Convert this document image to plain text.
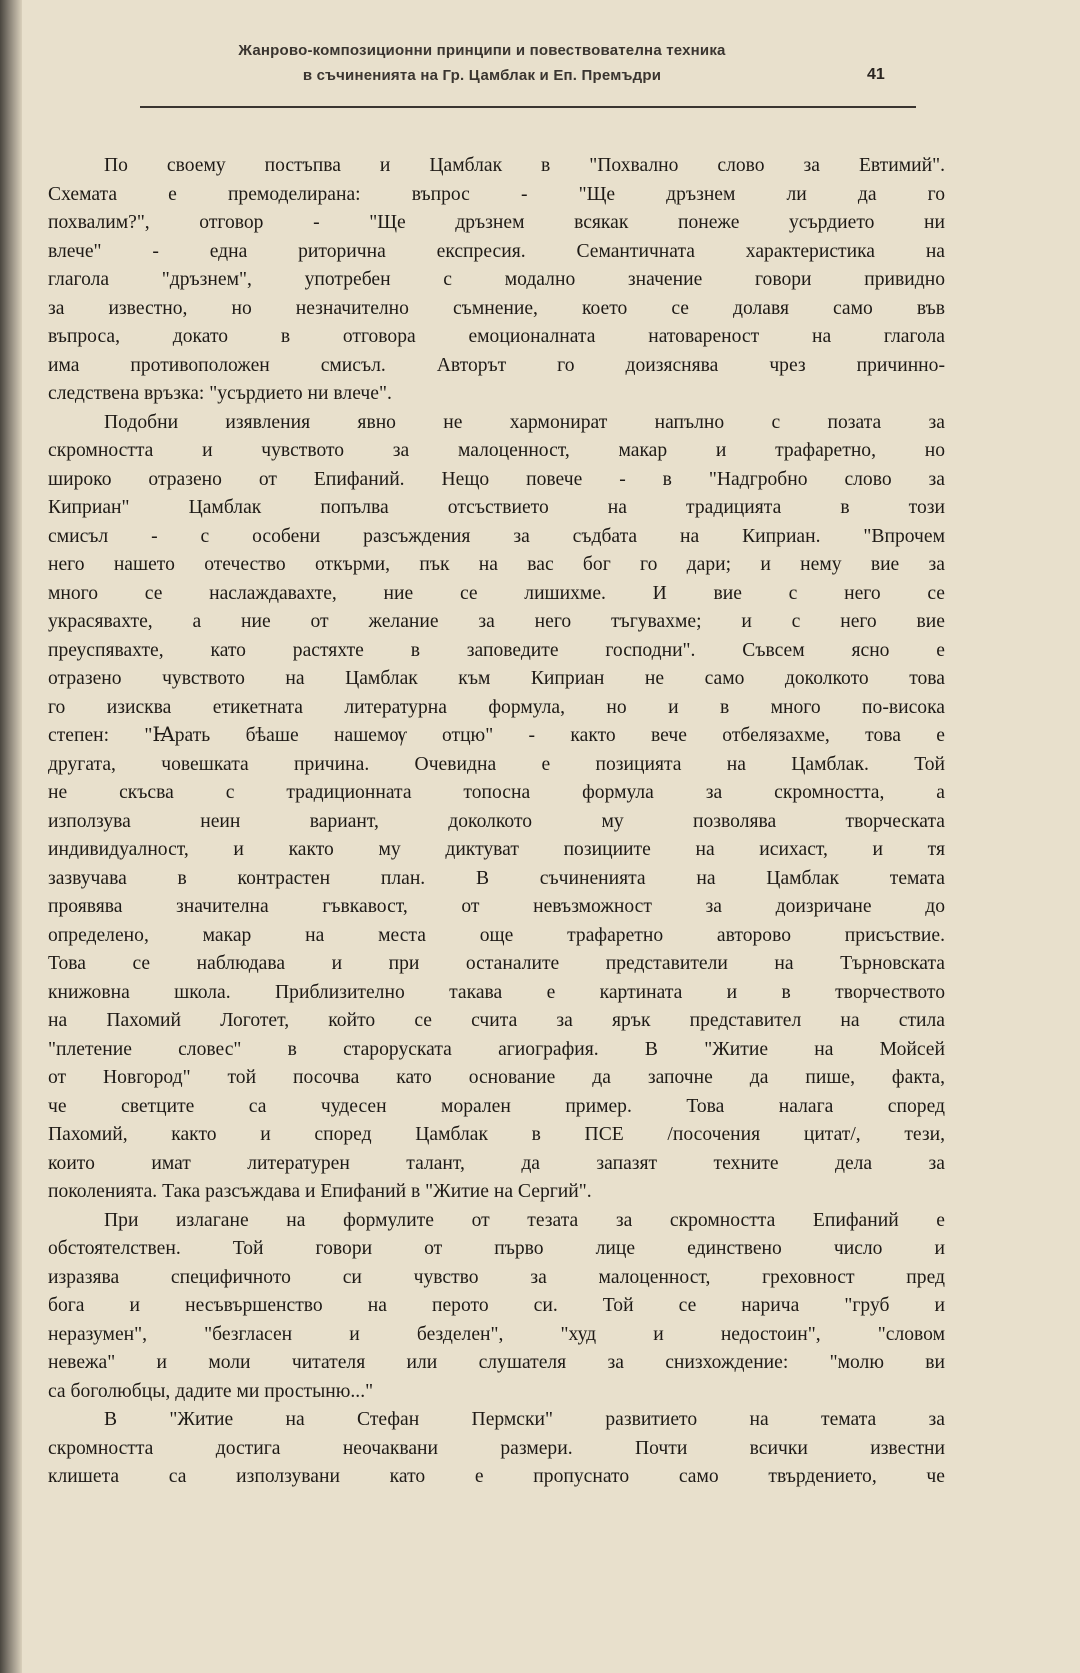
Жанрово-композиционни принципи и повествователна техника
в съчиненията на Гр. Цамблак и Еп. Премъдри	41
По своему постъпва и Цамблак в "Похвално слово за Евтимий".
Схемата е премоделирана: въпрос - "Ще дръзнем ли да го
похвалим?", отговор - "Ще дръзнем всякак понеже усърдието ни
влече" - една риторична експресия. Семантичната характеристика на
глагола "дръзнем", употребен с модално значение говори привидно
за известно, но незначително съмнение, което се долавя само във
въпроса, докато в отговора емоционалната натовареност на глагола
има противоположен смисъл. Авторът го доизяснява чрез причинно-
следствена връзка: "усърдието ни влече".
Подобни изявления явно не хармонират напълно с позата за
скромността и чувството за малоценност, макар и трафаретно, но
широко отразено от Епифаний. Нещо повече - в "Надгробно слово за
Киприан" Цамблак попълва отсъствието на традицията в този
смисъл - с особени разсъждения за съдбата на Киприан. "Впрочем
него нашето отечество откърми, пък на вас бог го дари; и нему вие за
много се наслаждавахте, ние се лишихме. И вие с него се
украсявахте, а ние от желание за него тъгувахме; и с него вие
преуспявахте, като растяхте в заповедите господни". Съвсем ясно е
отразено чувството на Цамблак към Киприан не само доколкото това
го изисква етикетната литературна формула, но и в много по-висока
степен: "Ꙗрать бѣаше нашемѹ отцю" - както вече отбелязахме, това е
другата, човешката причина. Очевидна е позицията на Цамблак. Той
не скъсва с традиционната топосна формула за скромността, а
използува неин вариант, доколкото му позволява творческата
индивидуалност, и както му диктуват позициите на исихаст, и тя
зазвучава в контрастен план. В съчиненията на Цамблак темата
проявява значителна гъвкавост, от невъзможност за доизричане до
определено, макар на места още трафаретно авторово присъствие.
Това се наблюдава и при останалите представители на Търновската
книжовна школа. Приблизително такава е картината и в творчеството
на Пахомий Логотет, който се счита за ярък представител на стила
"плетение словес" в староруската агиография. В "Житие на Мойсей
от Новгород" той посочва като основание да започне да пише, факта,
че светците са чудесен морален пример. Това налага според
Пахомий, както и според Цамблак в ПСЕ /посочения цитат/, тези,
които имат литературен талант, да запазят техните дела за
поколенията. Така разсъждава и Епифаний в "Житие на Сергий".
При излагане на формулите от тезата за скромността Епифаний е
обстоятелствен. Той говори от първо лице единствено число и
изразява специфичното си чувство за малоценност, греховност пред
бога и несъвършенство на перото си. Той се нарича "груб и
неразумен", "безгласен и безделен", "худ и недостоин", "словом
невежа" и моли читателя или слушателя за снизхождение: "молю ви
са боголюбцы, дадите ми простыню..."
В "Житие на Стефан Пермски" развитието на темата за
скромността достига неочаквани размери. Почти всички известни
клишета са използувани като е пропуснато само твърдението, че
